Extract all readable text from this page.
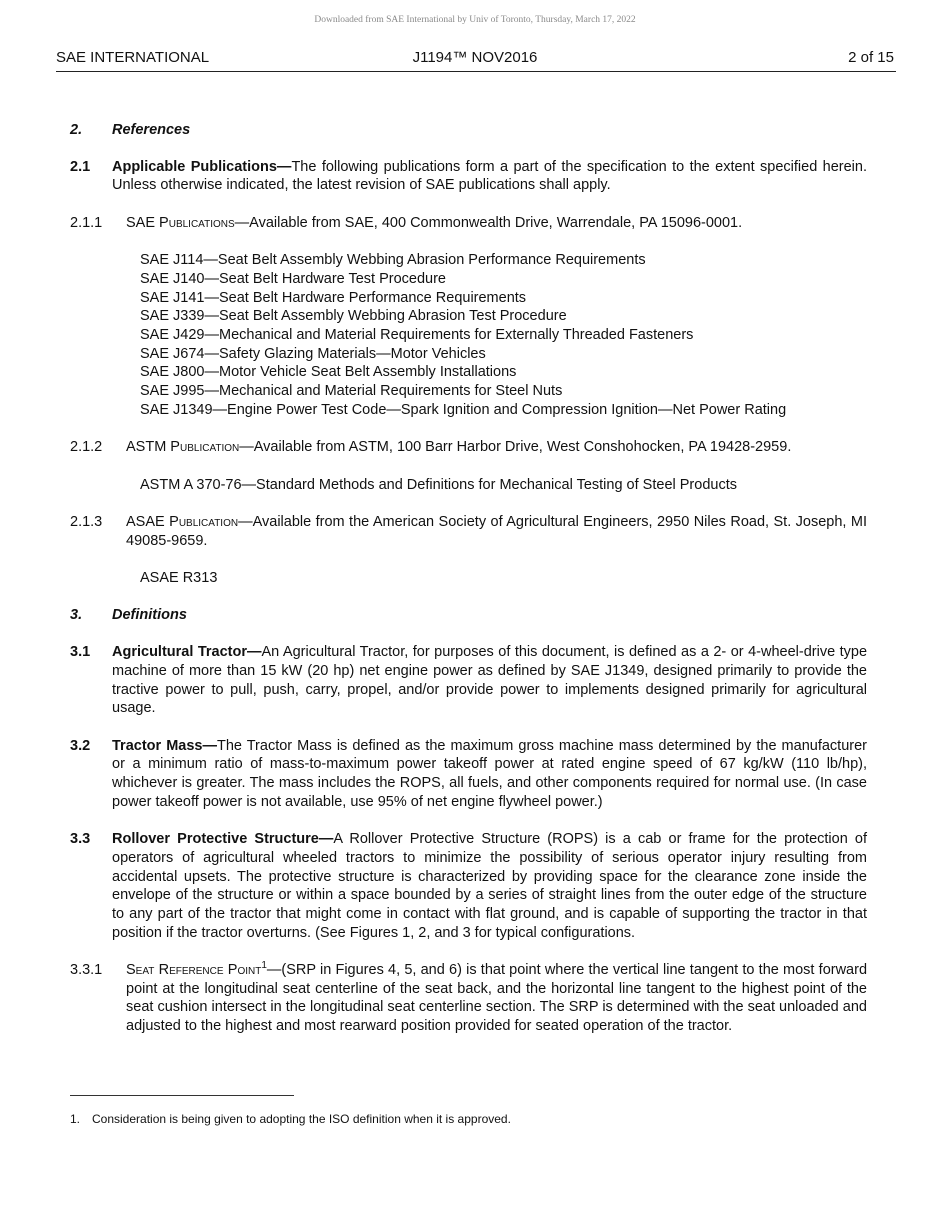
Downloaded from SAE International by Univ of Toronto, Thursday, March 17, 2022
SAE INTERNATIONAL	J1194™ NOV2016	2 of 15
2.	References
2.1	Applicable Publications—The following publications form a part of the specification to the extent specified herein. Unless otherwise indicated, the latest revision of SAE publications shall apply.
2.1.1	SAE Publications—Available from SAE, 400 Commonwealth Drive, Warrendale, PA 15096-0001.
SAE J114—Seat Belt Assembly Webbing Abrasion Performance Requirements
SAE J140—Seat Belt Hardware Test Procedure
SAE J141—Seat Belt Hardware Performance Requirements
SAE J339—Seat Belt Assembly Webbing Abrasion Test Procedure
SAE J429—Mechanical and Material Requirements for Externally Threaded Fasteners
SAE J674—Safety Glazing Materials—Motor Vehicles
SAE J800—Motor Vehicle Seat Belt Assembly Installations
SAE J995—Mechanical and Material Requirements for Steel Nuts
SAE J1349—Engine Power Test Code—Spark Ignition and Compression Ignition—Net Power Rating
2.1.2	ASTM Publication—Available from ASTM, 100 Barr Harbor Drive, West Conshohocken, PA 19428-2959.
ASTM A 370-76—Standard Methods and Definitions for Mechanical Testing of Steel Products
2.1.3	ASAE Publication—Available from the American Society of Agricultural Engineers, 2950 Niles Road, St. Joseph, MI 49085-9659.
ASAE R313
3.	Definitions
3.1	Agricultural Tractor—An Agricultural Tractor, for purposes of this document, is defined as a 2- or 4-wheel-drive type machine of more than 15 kW (20 hp) net engine power as defined by SAE J1349, designed primarily to provide the tractive power to pull, push, carry, propel, and/or provide power to implements designed primarily for agricultural usage.
3.2	Tractor Mass—The Tractor Mass is defined as the maximum gross machine mass determined by the manufacturer or a minimum ratio of mass-to-maximum power takeoff power at rated engine speed of 67 kg/kW (110 lb/hp), whichever is greater. The mass includes the ROPS, all fuels, and other components required for normal use. (In case power takeoff power is not available, use 95% of net engine flywheel power.)
3.3	Rollover Protective Structure—A Rollover Protective Structure (ROPS) is a cab or frame for the protection of operators of agricultural wheeled tractors to minimize the possibility of serious operator injury resulting from accidental upsets. The protective structure is characterized by providing space for the clearance zone inside the envelope of the structure or within a space bounded by a series of straight lines from the outer edge of the structure to any part of the tractor that might come in contact with flat ground, and is capable of supporting the tractor in that position if the tractor overturns. (See Figures 1, 2, and 3 for typical configurations.
3.3.1	Seat Reference Point$^1$—(SRP in Figures 4, 5, and 6) is that point where the vertical line tangent to the most forward point at the longitudinal seat centerline of the seat back, and the horizontal line tangent to the highest point of the seat cushion intersect in the longitudinal seat centerline section. The SRP is determined with the seat unloaded and adjusted to the highest and most rearward position provided for seated operation of the tractor.
1. Consideration is being given to adopting the ISO definition when it is approved.
